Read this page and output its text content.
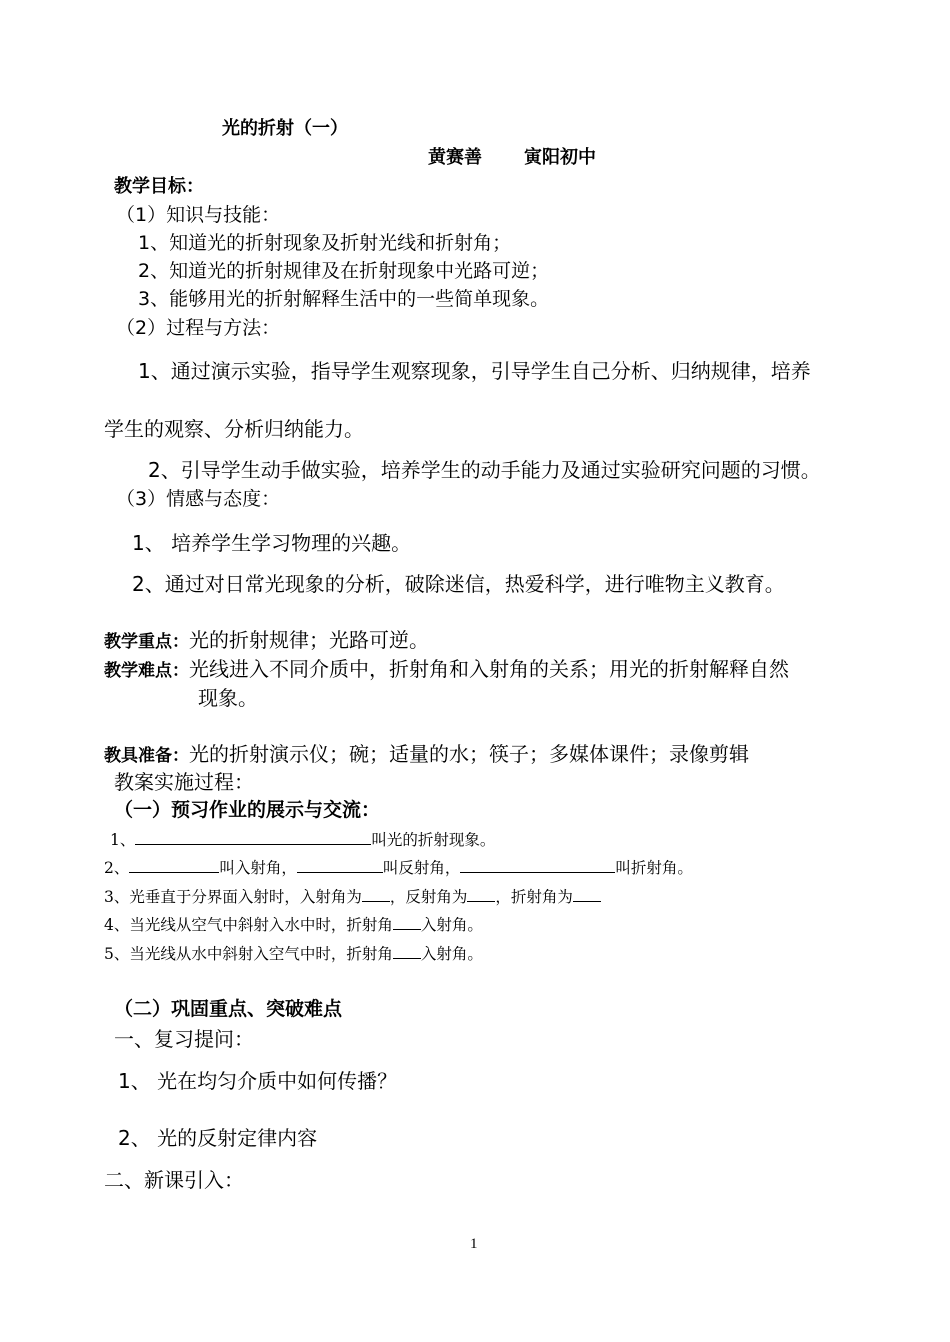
光的折射（一）
黄赛善 寅阳初中
教学目标：
（1）知识与技能：
1、知道光的折射现象及折射光线和折射角；
2、知道光的折射规律及在折射现象中光路可逆；
3、能够用光的折射解释生活中的一些简单现象。
（2）过程与方法：
1、通过演示实验，指导学生观察现象，引导学生自己分析、归纳规律，培养
学生的观察、分析归纳能力。
2、引导学生动手做实验，培养学生的动手能力及通过实验研究问题的习惯。
（3）情感与态度：
1、 培养学生学习物理的兴趣。
2、通过对日常光现象的分析，破除迷信，热爱科学，进行唯物主义教育。
教学重点：光的折射规律；光路可逆。
教学难点：光线进入不同介质中，折射角和入射角的关系；用光的折射解释自然
现象。
教具准备：光的折射演示仪；碗；适量的水；筷子；多媒体课件；录像剪辑
教案实施过程：
（一）预习作业的展示与交流：
1、	叫光的折射现象。
2、	叫入射角，	叫反射角，	叫折射角。
3、光垂直于分界面入射时，入射角为 ，反射角为 ，折射角为
4、当光线从空气中斜射入水中时，折射角 入射角。
5、当光线从水中斜射入空气中时，折射角 入射角。
（二）巩固重点、突破难点
一、复习提问：
1、 光在均匀介质中如何传播？
2、 光的反射定律内容
二、新课引入：
1
